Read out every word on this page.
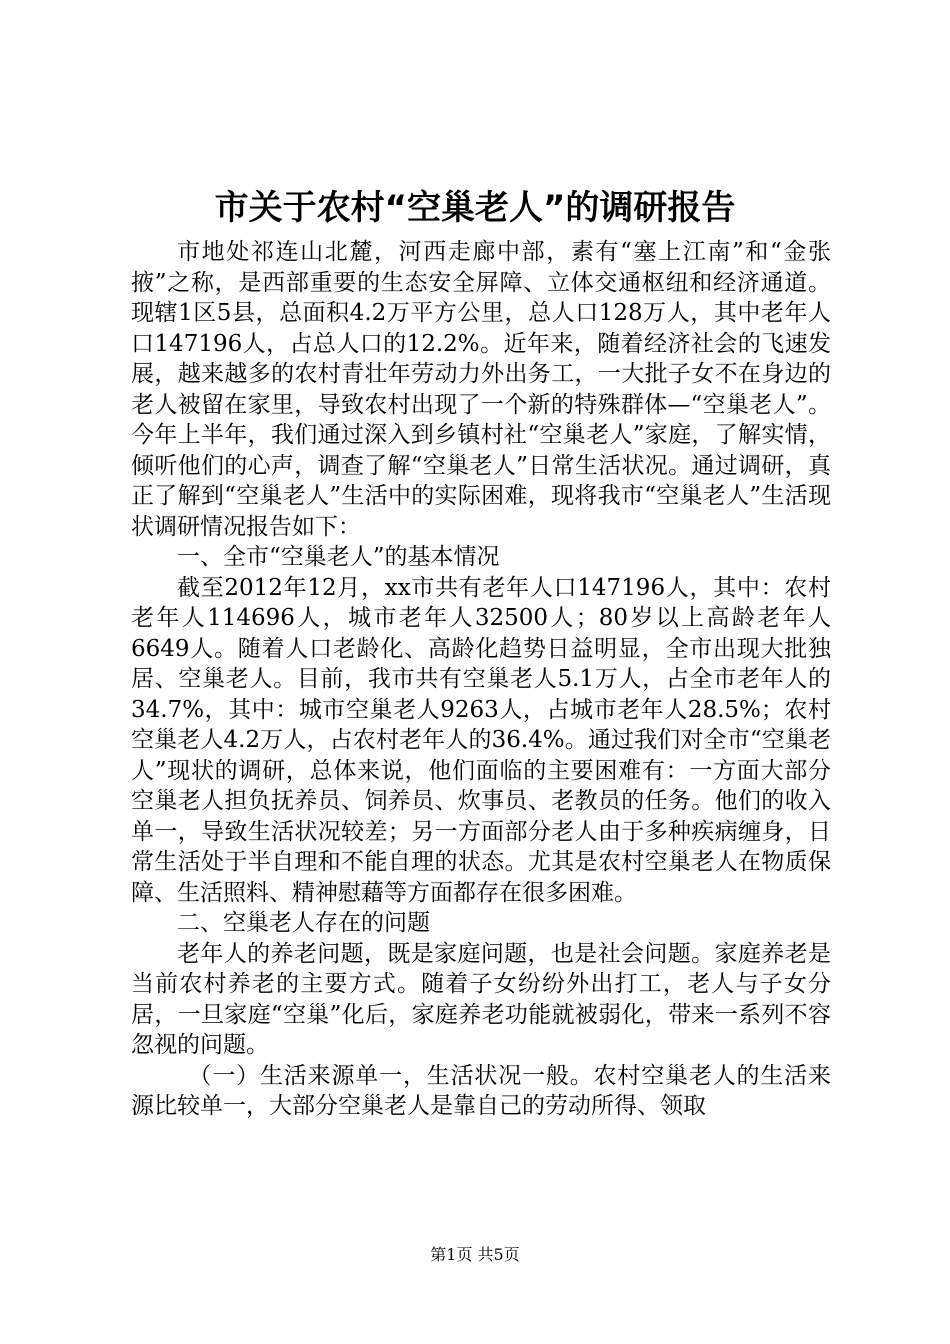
市关于农村“空巢老人”的调研报告

市地处祁连山北麓，河西走廊中部，素有“塞上江南”和“金张掖”之称，是西部重要的生态安全屏障、立体交通枢纽和经济通道。现辖1区5县，总面积4.2万平方公里，总人口128万人，其中老年人口147196人，占总人口的12.2%。近年来，随着经济社会的飞速发展，越来越多的农村青壮年劳动力外出务工，一大批子女不在身边的老人被留在家里，导致农村出现了一个新的特殊群体—“空巢老人”。今年上半年，我们通过深入到乡镇村社“空巢老人”家庭，了解实情，倾听他们的心声，调查了解“空巢老人”日常生活状况。通过调研，真正了解到“空巢老人”生活中的实际困难，现将我市“空巢老人”生活现状调研情况报告如下：

一、全市“空巢老人”的基本情况

截至2012年12月，xx市共有老年人口147196人，其中：农村老年人114696人，城市老年人32500人；80岁以上高龄老年人6649人。随着人口老龄化、高龄化趋势日益明显，全市出现大批独居、空巢老人。目前，我市共有空巢老人5.1万人，占全市老年人的34.7%，其中：城市空巢老人9263人，占城市老年人28.5%；农村空巢老人4.2万人，占农村老年人的36.4%。通过我们对全市“空巢老人”现状的调研，总体来说，他们面临的主要困难有：一方面大部分空巢老人担负抚养员、饲养员、炊事员、老教员的任务。他们的收入单一，导致生活状况较差；另一方面部分老人由于多种疾病缠身，日常生活处于半自理和不能自理的状态。尤其是农村空巢老人在物质保障、生活照料、精神慰藉等方面都存在很多困难。

二、空巢老人存在的问题

老年人的养老问题，既是家庭问题，也是社会问题。家庭养老是当前农村养老的主要方式。随着子女纷纷外出打工，老人与子女分居，一旦家庭“空巢”化后，家庭养老功能就被弱化，带来一系列不容忽视的问题。

（一）生活来源单一，生活状况一般。农村空巢老人的生活来源比较单一，大部分空巢老人是靠自己的劳动所得、领取

第1页 共5页
